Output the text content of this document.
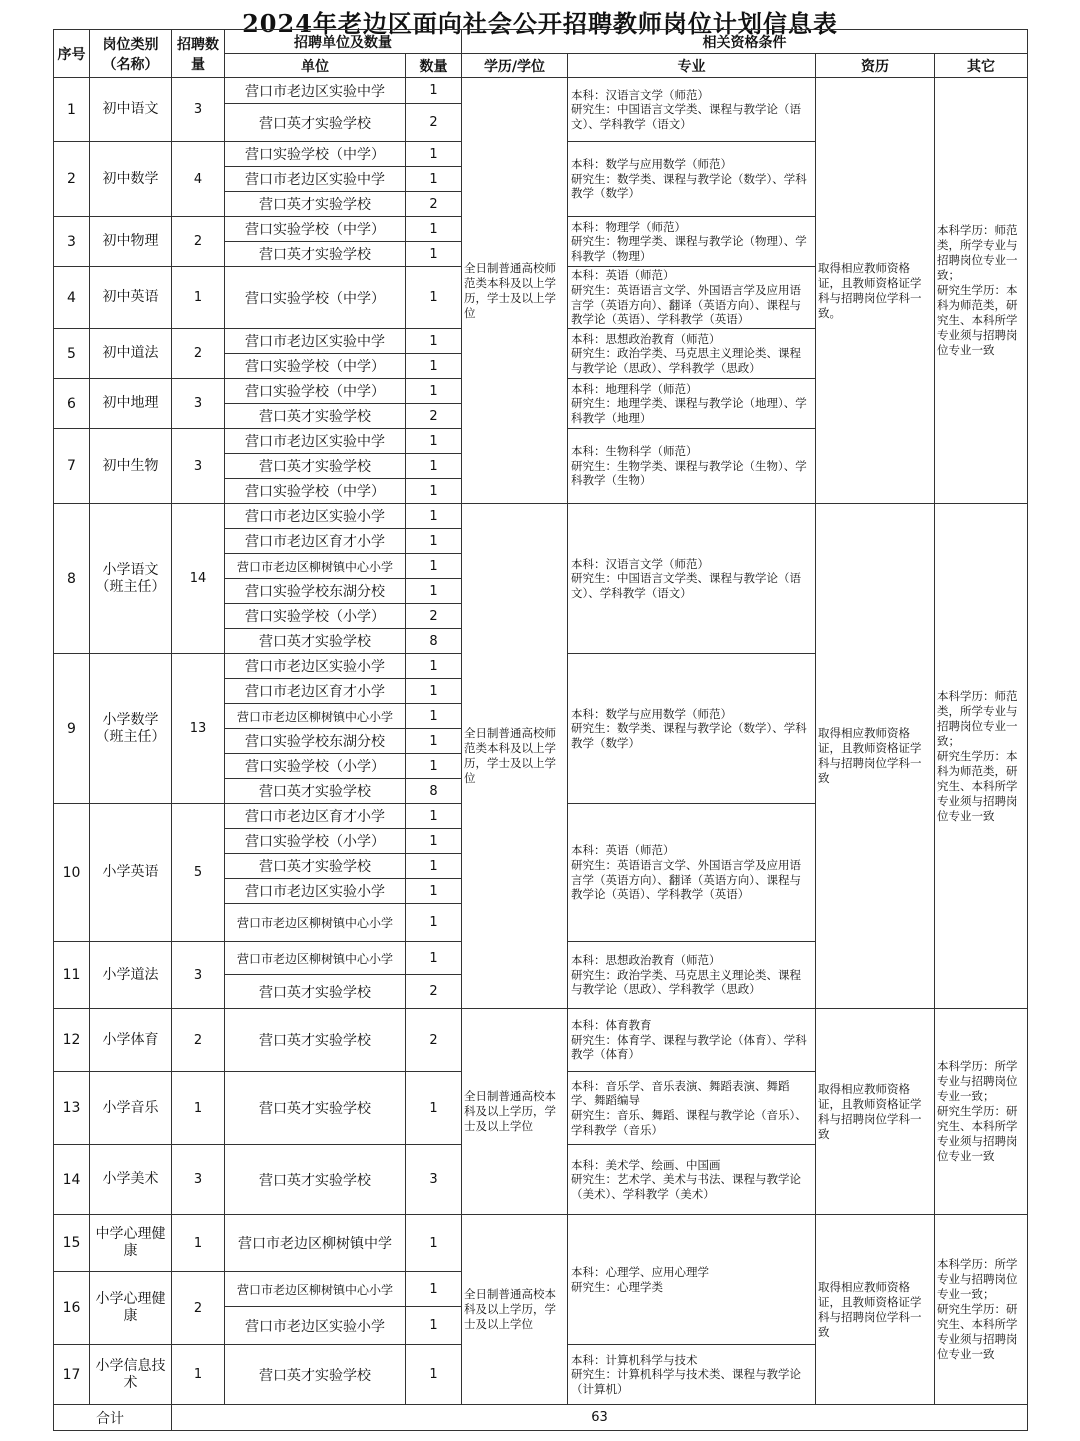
2024年老边区面向社会公开招聘教师岗位计划信息表
序号	岗位类别（名称）	招聘数量	招聘单位及数量		相关资格条件			
			单位	数量	学历/学位	专业	资历	其它
1	初中语文	3	营口市老边区实验中学	1	全日制普通高校师范类本科及以上学历，学士及以上学位	本科：汉语言文学（师范）
研究生：中国语言文学类、课程与教学论（语文）、学科教学（语文）	取得相应教师资格证，且教师资格证学科与招聘岗位学科一致。	本科学历：师范类，所学专业与招聘岗位专业一致；
研究生学历：本科为师范类，研究生、本科所学专业须与招聘岗位专业一致
			营口英才实验学校	2				
2	初中数学	4	营口实验学校（中学）	1		本科：数学与应用数学（师范）
研究生：数学类、课程与教学论（数学）、学科教学（数学）		

			营口市老边区实验中学	1				
			营口英才实验学校	2				
3	初中物理	2	营口实验学校（中学）	1		本科：物理学（师范）
研究生：物理学类、课程与教学论（物理）、学科教学（物理）		

			营口英才实验学校	1				
4	初中英语	1	营口实验学校（中学）	1		本科：英语（师范）
研究生：英语语言文学、外国语言学及应用语言学（英语方向）、翻译（英语方向）、课程与教学论（英语）、学科教学（英语）		

5	初中道法	2	营口市老边区实验中学	1		本科：思想政治教育（师范）
研究生：政治学类、马克思主义理论类、课程与教学论（思政）、学科教学（思政）		

			营口实验学校（中学）	1				
6	初中地理	3	营口实验学校（中学）	1		本科：地理科学（师范）
研究生：地理学类、课程与教学论（地理）、学科教学（地理）		

			营口英才实验学校	2				
7	初中生物	3	营口市老边区实验中学	1		本科：生物科学（师范）
研究生：生物学类、课程与教学论（生物）、学科教学（生物）		

			营口英才实验学校	1				
			营口实验学校（中学）	1				
8	小学语文（班主任）	14	营口市老边区实验小学	1	全日制普通高校师范类本科及以上学历，学士及以上学位	本科：汉语言文学（师范）
研究生：中国语言文学类、课程与教学论（语文）、学科教学（语文）	取得相应教师资格证，且教师资格证学科与招聘岗位学科一致	本科学历：师范类，所学专业与招聘岗位专业一致；
研究生学历：本科为师范类，研究生、本科所学专业须与招聘岗位专业一致
			营口市老边区育才小学	1				
			营口市老边区柳树镇中心小学	1				
			营口实验学校东湖分校	1				
			营口实验学校（小学）	2				
			营口英才实验学校	8				
9	小学数学（班主任）	13	营口市老边区实验小学	1		本科：数学与应用数学（师范）
研究生：数学类、课程与教学论（数学）、学科教学（数学）		

			营口市老边区育才小学	1				
			营口市老边区柳树镇中心小学	1				
			营口实验学校东湖分校	1				
			营口实验学校（小学）	1				
			营口英才实验学校	8				
10	小学英语	5	营口市老边区育才小学	1		本科：英语（师范）
研究生：英语语言文学、外国语言学及应用语言学（英语方向）、翻译（英语方向）、课程与教学论（英语）、学科教学（英语）		

			营口实验学校（小学）	1				
			营口英才实验学校	1				
			营口市老边区实验小学	1				
			营口市老边区柳树镇中心小学	1				
11	小学道法	3	营口市老边区柳树镇中心小学	1		本科：思想政治教育（师范）
研究生：政治学类、马克思主义理论类、课程与教学论（思政）、学科教学（思政）		

			营口英才实验学校	2				
12	小学体育	2	营口英才实验学校	2	全日制普通高校本科及以上学历，学士及以上学位	本科：体育教育
研究生：体育学、课程与教学论（体育）、学科教学（体育）	取得相应教师资格证，且教师资格证学科与招聘岗位学科一致	本科学历：所学专业与招聘岗位专业一致；
研究生学历：研究生、本科所学专业须与招聘岗位专业一致
13	小学音乐	1	营口英才实验学校	1		本科：音乐学、音乐表演、舞蹈表演、舞蹈学、舞蹈编导
研究生：音乐、舞蹈、课程与教学论（音乐）、学科教学（音乐）		

14	小学美术	3	营口英才实验学校	3		本科：美术学、绘画、中国画
研究生：艺术学、美术与书法、课程与教学论（美术）、学科教学（美术）		

15	中学心理健康	1	营口市老边区柳树镇中学	1	全日制普通高校本科及以上学历，学士及以上学位	本科：心理学、应用心理学
研究生：心理学类	取得相应教师资格证，且教师资格证学科与招聘岗位学科一致	本科学历：所学专业与招聘岗位专业一致；
研究生学历：研究生、本科所学专业须与招聘岗位专业一致
16	小学心理健康	2	营口市老边区柳树镇中心小学	1				
			营口市老边区实验小学	1				
17	小学信息技术	1	营口英才实验学校	1		本科：计算机科学与技术
研究生：计算机科学与技术类、课程与教学论（计算机）		

合计		63						
